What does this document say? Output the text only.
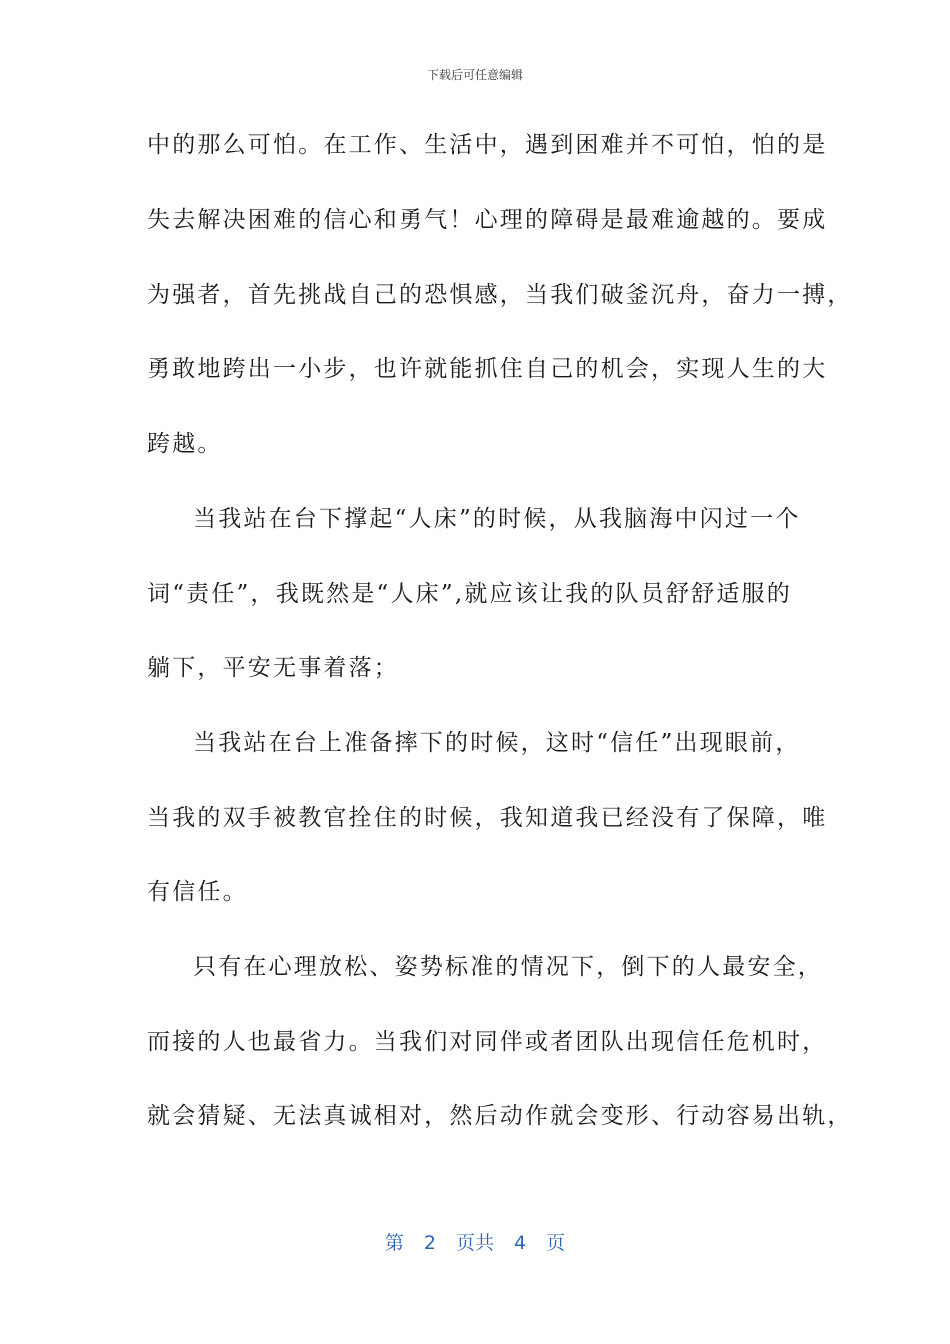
下载后可任意编辑
中的那么可怕。在工作、生活中，遇到困难并不可怕，怕的是
失去解决困难的信心和勇气！心理的障碍是最难逾越的。要成
为强者，首先挑战自己的恐惧感，当我们破釜沉舟，奋力一搏，
勇敢地跨出一小步，也许就能抓住自己的机会，实现人生的大
跨越。
当我站在台下撑起“人床”的时候，从我脑海中闪过一个
词“责任”，我既然是“人床”,就应该让我的队员舒舒适服的
躺下，平安无事着落；
当我站在台上准备摔下的时候，这时“信任”出现眼前，
当我的双手被教官拴住的时候，我知道我已经没有了保障，唯
有信任。
只有在心理放松、姿势标准的情况下，倒下的人最安全，
而接的人也最省力。当我们对同伴或者团队出现信任危机时，
就会猜疑、无法真诚相对，然后动作就会变形、行动容易出轨，
第 2 页共 4 页
